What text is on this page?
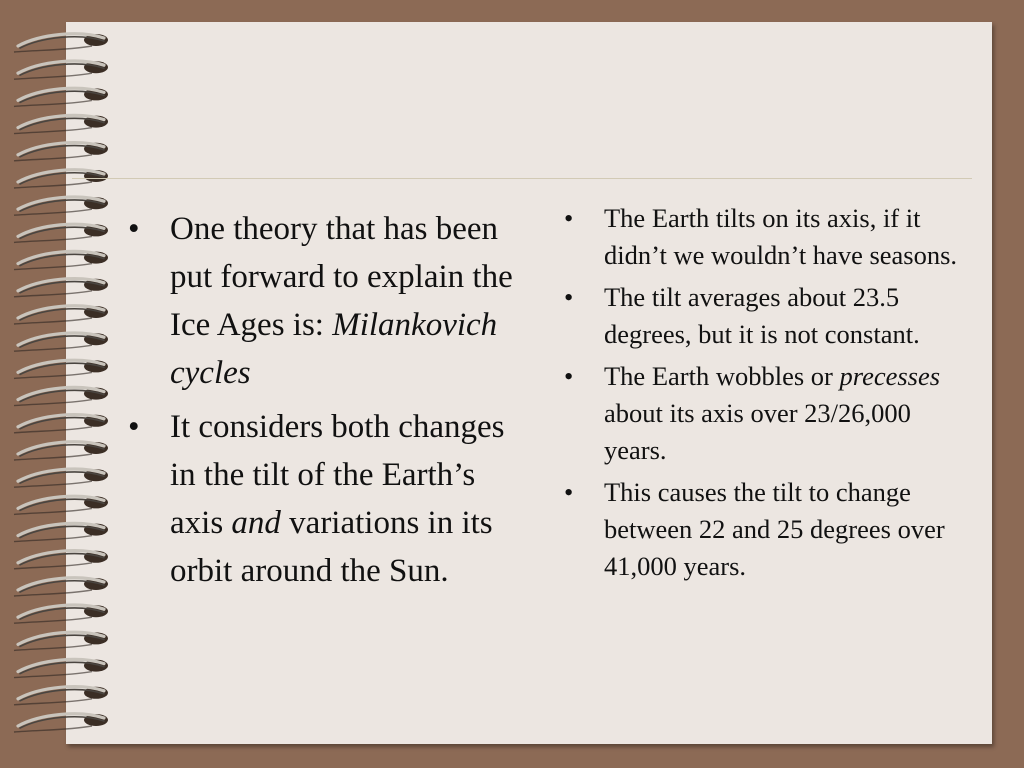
• One theory that has been put forward to explain the Ice Ages is: Milankovich cycles
• It considers both changes in the tilt of the Earth’s axis and variations in its orbit around the Sun.
• The Earth tilts on its axis, if it didn’t we wouldn’t have seasons.
• The tilt averages about 23.5 degrees, but it is not constant.
• The Earth wobbles or precesses about its axis over 23/26,000 years.
• This causes the tilt to change between 22 and 25 degrees over 41,000 years.
